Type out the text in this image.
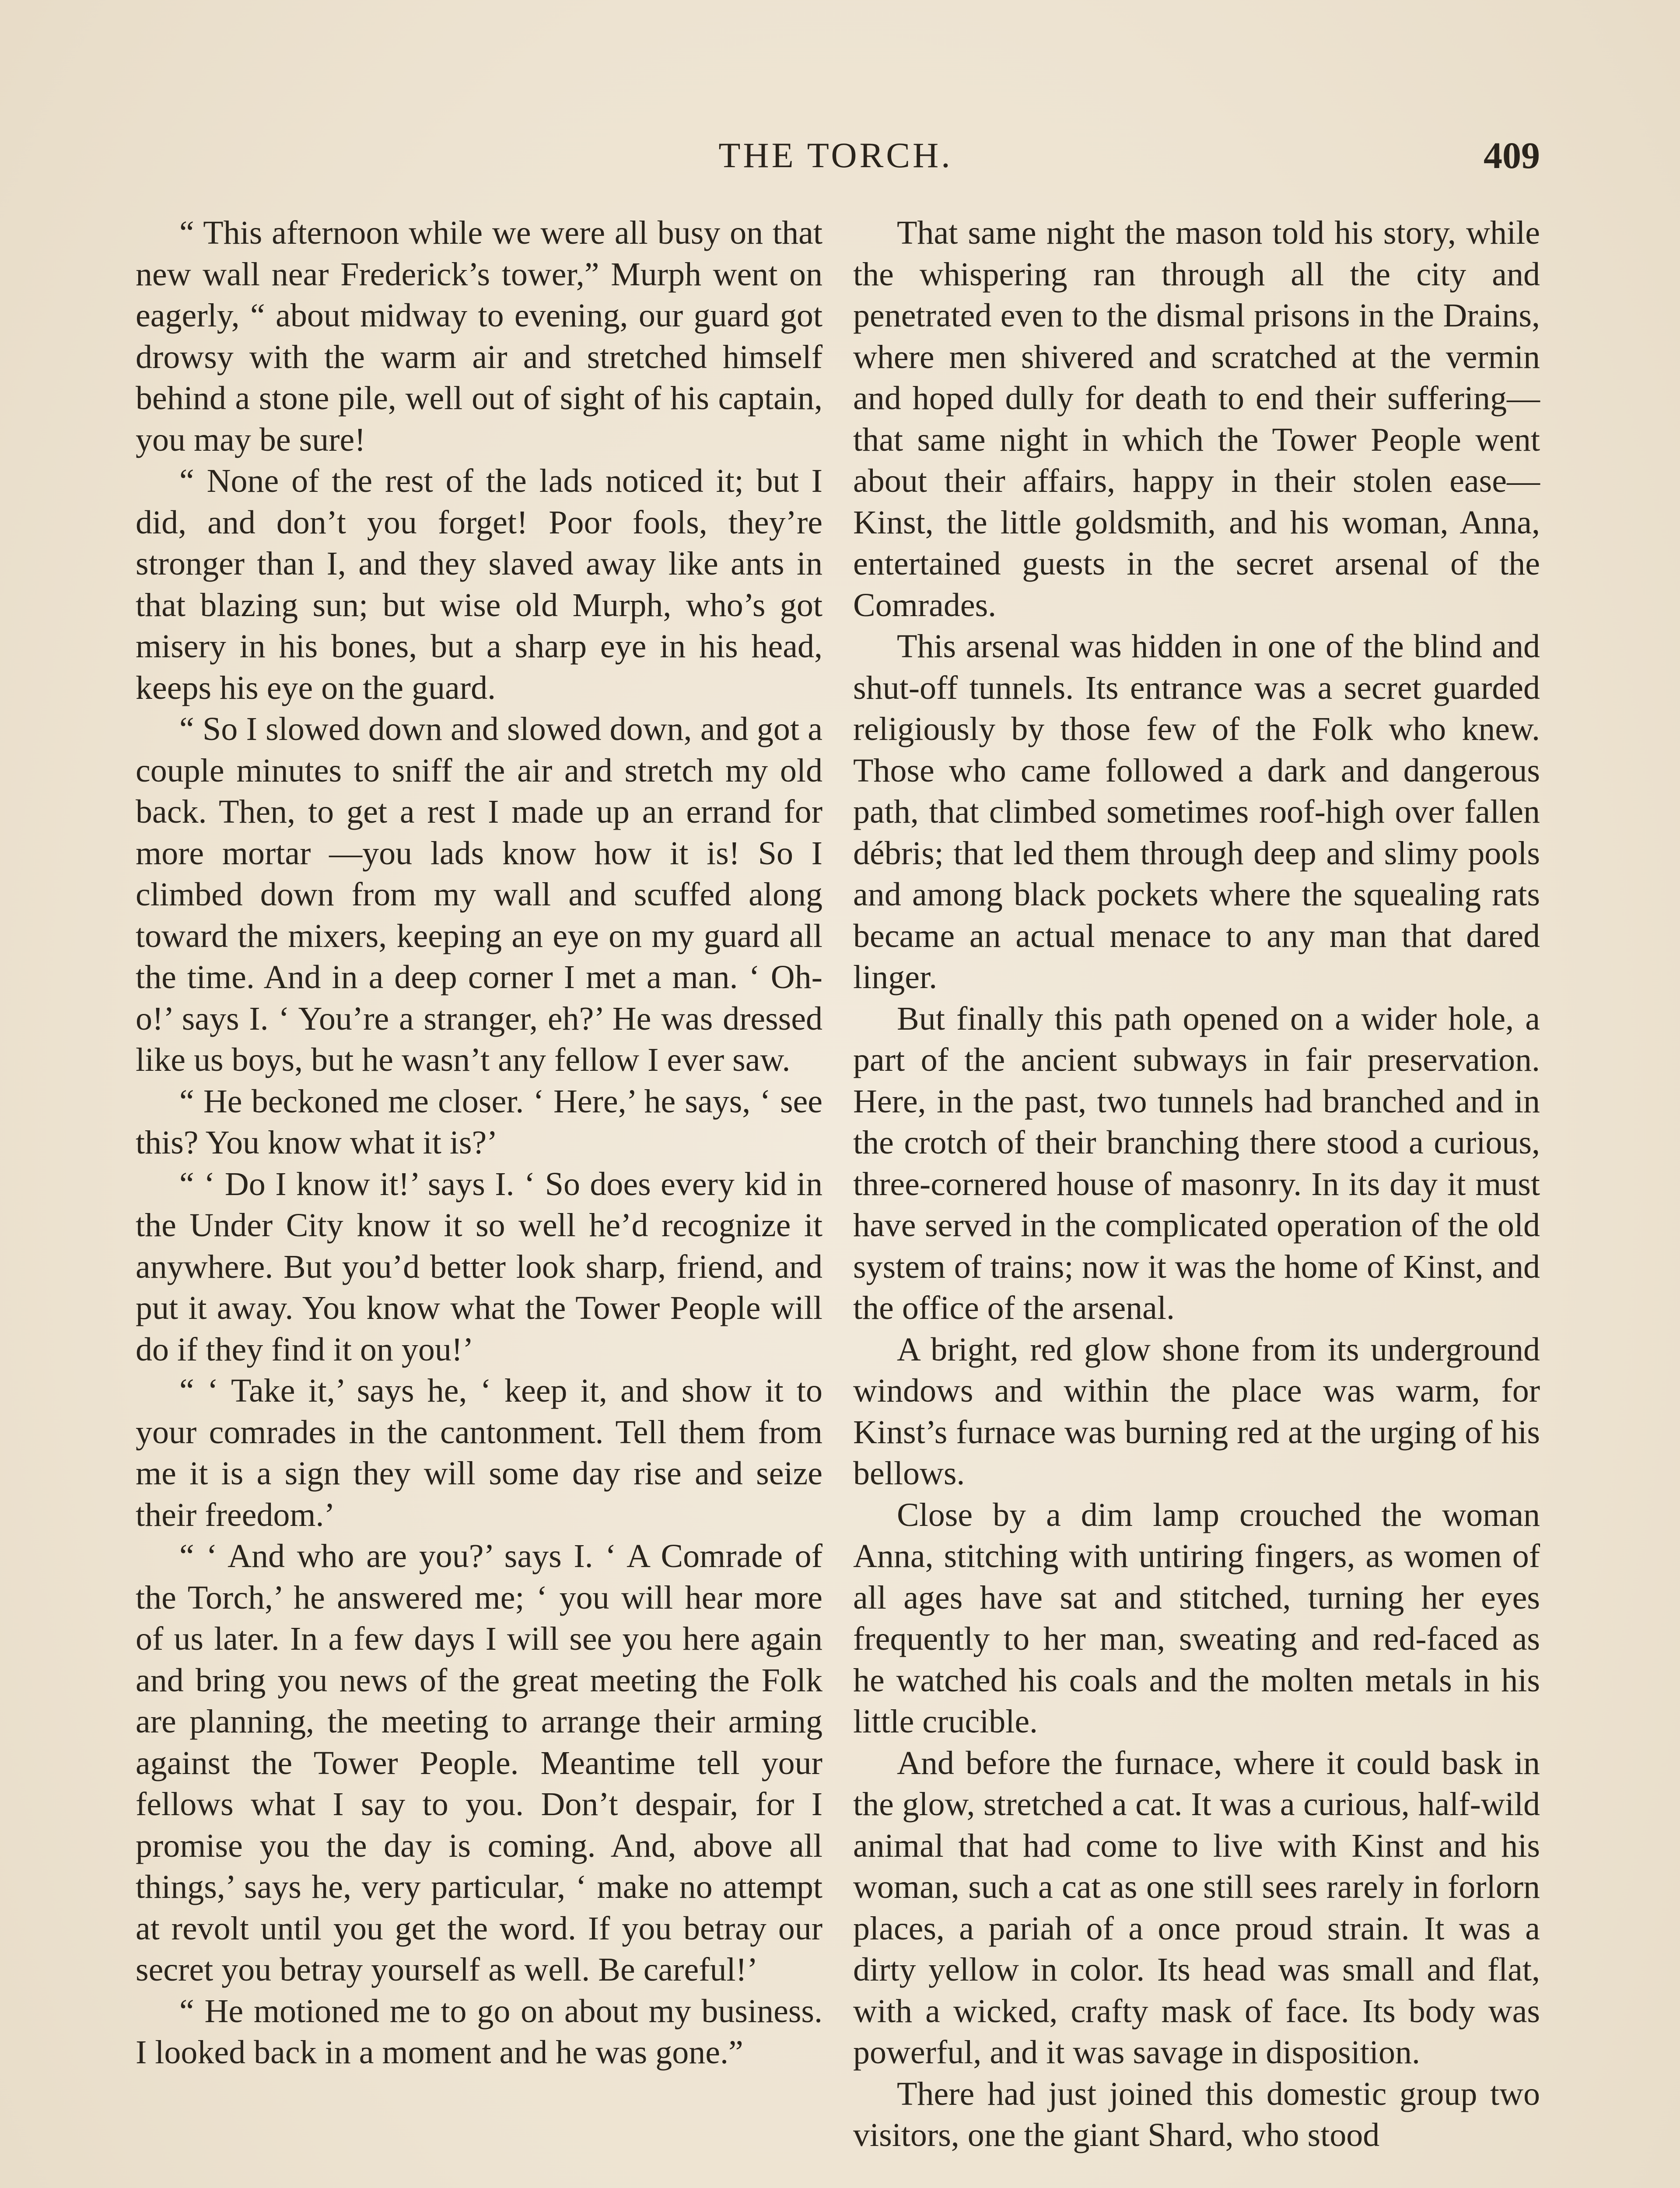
THE TORCH.	409

“ This afternoon while we were all busy on that new wall near Frederick’s tower,” Murph went on eagerly, “ about midway to evening, our guard got drowsy with the warm air and stretched himself behind a stone pile, well out of sight of his captain, you may be sure!

“ None of the rest of the lads noticed it; but I did, and don’t you forget! Poor fools, they’re stronger than I, and they slaved away like ants in that blazing sun; but wise old Murph, who’s got misery in his bones, but a sharp eye in his head, keeps his eye on the guard.

“ So I slowed down and slowed down, and got a couple minutes to sniff the air and stretch my old back. Then, to get a rest I made up an errand for more mortar —you lads know how it is! So I climbed down from my wall and scuffed along toward the mixers, keeping an eye on my guard all the time. And in a deep corner I met a man. ‘ Oh-o!’ says I. ‘ You’re a stranger, eh?’ He was dressed like us boys, but he wasn’t any fellow I ever saw.

“ He beckoned me closer. ‘ Here,’ he says, ‘ see this? You know what it is?’

“ ‘ Do I know it!’ says I. ‘ So does every kid in the Under City know it so well he’d recognize it anywhere. But you’d better look sharp, friend, and put it away. You know what the Tower People will do if they find it on you!’

“ ‘ Take it,’ says he, ‘ keep it, and show it to your comrades in the cantonment. Tell them from me it is a sign they will some day rise and seize their freedom.’

“ ‘ And who are you?’ says I. ‘ A Comrade of the Torch,’ he answered me; ‘ you will hear more of us later. In a few days I will see you here again and bring you news of the great meeting the Folk are planning, the meeting to arrange their arming against the Tower People. Meantime tell your fellows what I say to you. Don’t despair, for I promise you the day is coming. And, above all things,’ says he, very particular, ‘ make no attempt at revolt until you get the word. If you betray our secret you betray yourself as well. Be careful!’

“ He motioned me to go on about my business. I looked back in a moment and he was gone.”

That same night the mason told his story, while the whispering ran through all the city and penetrated even to the dismal prisons in the Drains, where men shivered and scratched at the vermin and hoped dully for death to end their suffering—that same night in which the Tower People went about their affairs, happy in their stolen ease— Kinst, the little goldsmith, and his woman, Anna, entertained guests in the secret arsenal of the Comrades.

This arsenal was hidden in one of the blind and shut-off tunnels. Its entrance was a secret guarded religiously by those few of the Folk who knew. Those who came followed a dark and dangerous path, that climbed sometimes roof-high over fallen débris; that led them through deep and slimy pools and among black pockets where the squealing rats became an actual menace to any man that dared linger.

But finally this path opened on a wider hole, a part of the ancient subways in fair preservation. Here, in the past, two tunnels had branched and in the crotch of their branching there stood a curious, three-cornered house of masonry. In its day it must have served in the complicated operation of the old system of trains; now it was the home of Kinst, and the office of the arsenal.

A bright, red glow shone from its underground windows and within the place was warm, for Kinst’s furnace was burning red at the urging of his bellows.

Close by a dim lamp crouched the woman Anna, stitching with untiring fingers, as women of all ages have sat and stitched, turning her eyes frequently to her man, sweating and red-faced as he watched his coals and the molten metals in his little crucible.

And before the furnace, where it could bask in the glow, stretched a cat. It was a curious, half-wild animal that had come to live with Kinst and his woman, such a cat as one still sees rarely in forlorn places, a pariah of a once proud strain. It was a dirty yellow in color. Its head was small and flat, with a wicked, crafty mask of face. Its body was powerful, and it was savage in disposition.

There had just joined this domestic group two visitors, one the giant Shard, who stood
